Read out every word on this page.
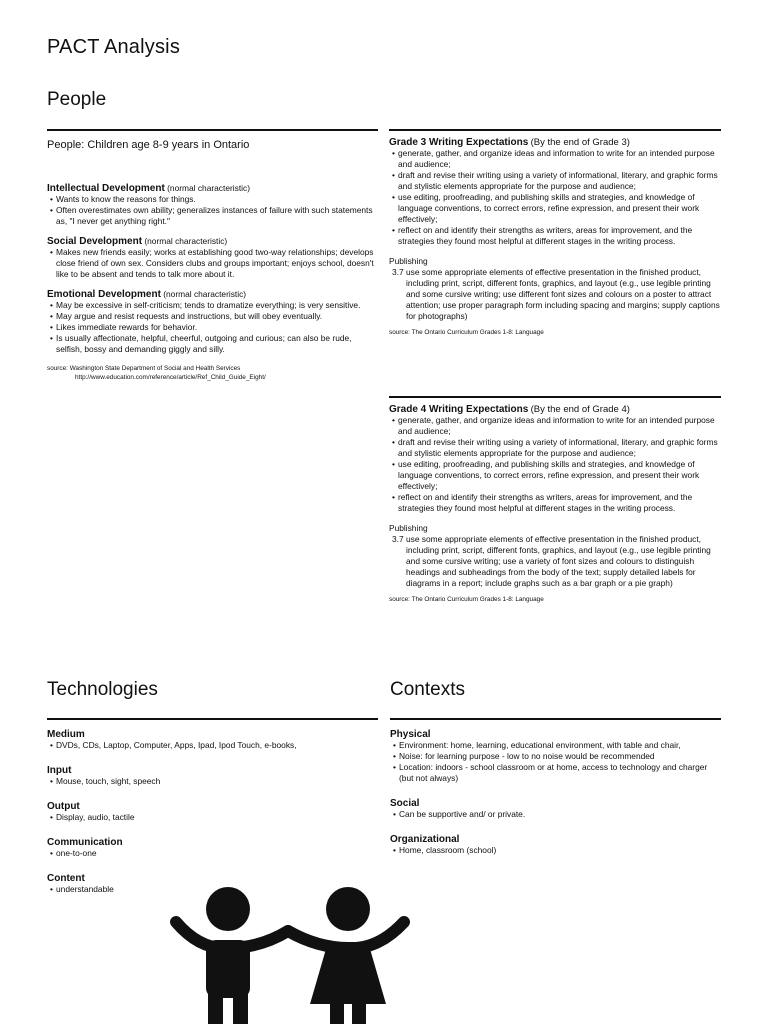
PACT Analysis
People

People: Children age 8-9 years in Ontario

Intellectual Development (normal characteristic)

• Wants to know the reasons for things.
• Often overestimates own ability; generalizes instances of failure with such statements as, "I never get anything right."

Social Development (normal characteristic)

• Makes new friends easily; works at establishing good two-way relationships; develops close friend of own sex. Considers clubs and groups important; enjoys school, doesn't like to be absent and tends to talk more about it.

Emotional Development (normal characteristic)

• May be excessive in self-criticism; tends to dramatize everything; is very sensitive.
• May argue and resist requests and instructions, but will obey eventually.
• Likes immediate rewards for behavior.
• Is usually affectionate, helpful, cheerful, outgoing and curious; can also be rude, selfish, bossy and demanding giggly and silly.

source: Washington State Department of Social and Health Services

http://www.education.com/reference/article/Ref_Child_Guide_Eight/

Grade 3 Writing Expectations (By the end of Grade 3)

• generate, gather, and organize ideas and information to write for an intended purpose and audience;
• draft and revise their writing using a variety of informational, literary, and graphic forms and stylistic elements appropriate for the purpose and audience;
• use editing, proofreading, and publishing skills and strategies, and knowledge of language conventions, to correct errors, refine expression, and present their work effectively;
• reflect on and identify their strengths as writers, areas for improvement, and the strategies they found most helpful at different stages in the writing process.

Publishing

3.7 use some appropriate elements of effective presentation in the finished product, including print, script, different fonts, graphics, and layout (e.g., use legible printing and some cursive writing; use different font sizes and colours on a poster to attract attention; use proper paragraph form including spacing and margins; supply captions for photographs)

source: The Ontario Curriculum Grades 1-8: Language

Grade 4 Writing Expectations (By the end of Grade 4)

• generate, gather, and organize ideas and information to write for an intended purpose and audience;
• draft and revise their writing using a variety of informational, literary, and graphic forms and stylistic elements appropriate for the purpose and audience;
• use editing, proofreading, and publishing skills and strategies, and knowledge of language conventions, to correct errors, refine expression, and present their work effectively;
• reflect on and identify their strengths as writers, areas for improvement, and the strategies they found most helpful at different stages in the writing process.

Publishing

3.7 use some appropriate elements of effective presentation in the finished product, including print, script, different fonts, graphics, and layout (e.g., use legible printing and some cursive writing; use a variety of font sizes and colours to distinguish headings and subheadings from the body of the text; supply detailed labels for diagrams in a report; include graphs such as a bar graph or a pie graph)

source: The Ontario Curriculum Grades 1-8: Language

Technologies

Medium

• DVDs, CDs, Laptop, Computer, Apps, Ipad, Ipod Touch, e-books,

Input

• Mouse, touch, sight, speech

Output

• Display, audio, tactile

Communication

• one-to-one

Content

• understandable
Contexts

Physical

• Environment: home, learning, educational environment, with table and chair,
• Noise: for learning purpose - low to no noise would be recommended
• Location: indoors - school classroom or at home, access to technology and charger (but not always)

Social

• Can be supportive and/ or private.

Organizational

• Home, classroom (school)
